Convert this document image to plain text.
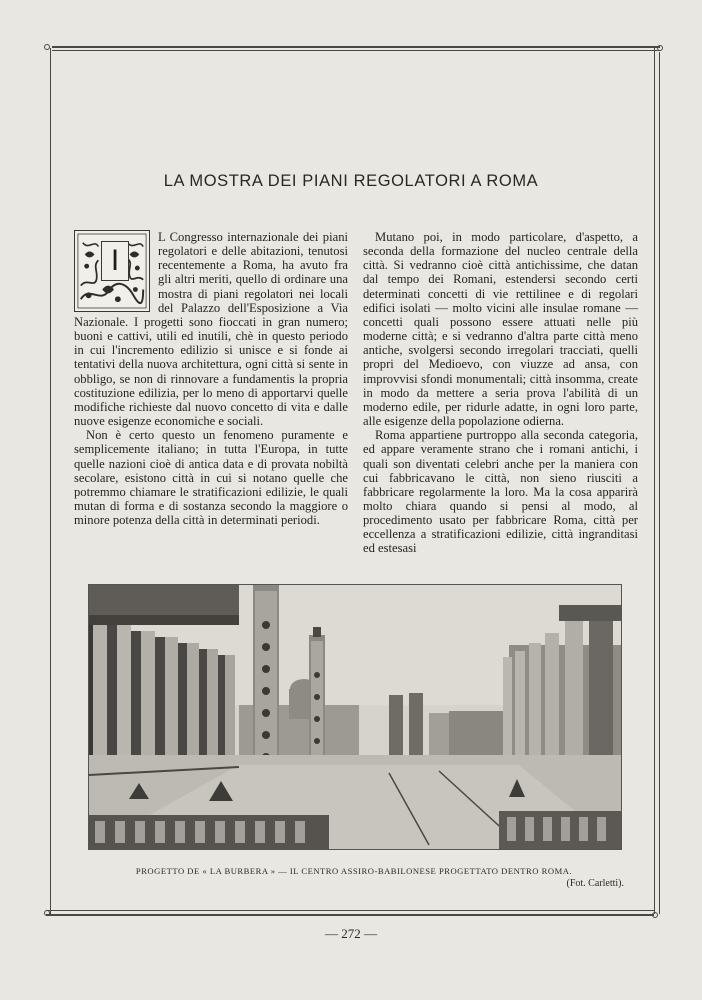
LA MOSTRA DEI PIANI REGOLATORI A ROMA
I

L Congresso internazionale dei piani regolatori e delle abitazioni, tenutosi recentemente a Roma, ha avuto fra gli altri meriti, quello di ordinare una mostra di piani regolatori nei locali del Palazzo dell'Esposizione a Via Nazionale. I progetti sono fioccati in gran numero; buoni e cattivi, utili ed inutili, chè in questo periodo in cui l'incremento edilizio si unisce e si fonde ai tentativi della nuova architettura, ogni città si sente in obbligo, se non di rinnovare a fundamentis la propria costituzione edilizia, per lo meno di apportarvi quelle modifiche richieste dal nuovo concetto di vita e dalle nuove esigenze economiche e sociali.

Non è certo questo un fenomeno puramente e semplicemente italiano; in tutta l'Europa, in tutte quelle nazioni cioè di antica data e di provata nobiltà secolare, esistono città in cui si notano quelle che potremmo chiamare le stratificazioni edilizie, le quali mutan di forma e di sostanza secondo la maggiore o minore potenza della città in determinati periodi.

Mutano poi, in modo particolare, d'aspetto, a seconda della formazione del nucleo centrale della città. Si vedranno cioè città antichissime, che datan dal tempo dei Romani, estendersi secondo certi determinati concetti di vie rettilinee e di regolari edifici isolati — molto vicini alle insulae romane — concetti quali possono essere attuati nelle più moderne città; e si vedranno d'altra parte città meno antiche, svolgersi secondo irregolari tracciati, quelli propri del Medioevo, con viuzze ad ansa, con improvvisi sfondi monumentali; città insomma, create in modo da mettere a seria prova l'abilità di un moderno edile, per ridurle adatte, in ogni loro parte, alle esigenze della popolazione odierna.

Roma appartiene purtroppo alla seconda categoria, ed appare veramente strano che i romani antichi, i quali son diventati celebri anche per la maniera con cui fabbricavano le città, non sieno riusciti a fabbricare regolarmente la loro. Ma la cosa apparirà molto chiara quando si pensi al modo, al procedimento usato per fabbricare Roma, città per eccellenza a stratificazioni edilizie, città ingranditasi ed estesasi

PROGETTO DE « LA BURBERA » — IL CENTRO ASSIRO-BABILONESE PROGETTATO DENTRO ROMA.
(Fot. Carletti).
— 272 —
